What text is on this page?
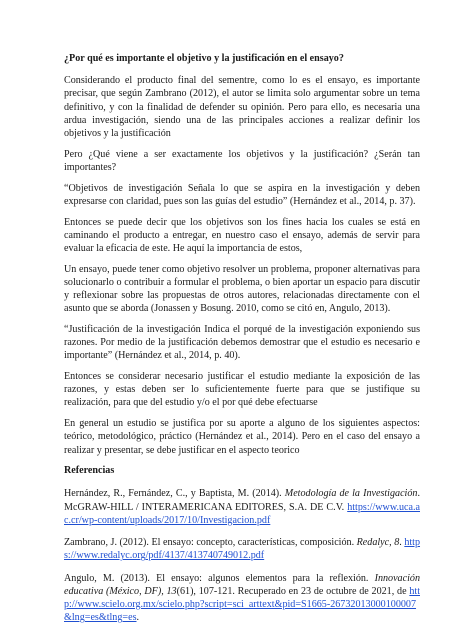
¿Por qué es importante el objetivo y la justificación en el ensayo?

Considerando el producto final del sementre, como lo es el ensayo, es importante precisar, que según Zambrano (2012), el autor se limita solo argumentar sobre un tema definitivo, y con la finalidad de defender su opinión. Pero para ello, es necesaria una ardua investigación, siendo una de las principales acciones a realizar definir los objetivos y la justificación

Pero ¿Qué viene a ser exactamente los objetivos y la justificación? ¿Serán tan importantes?

“Objetivos de investigación Señala lo que se aspira en la investigación y deben expresarse con claridad, pues son las guías del estudio” (Hernández et al., 2014, p. 37).

Entonces se puede decir que los objetivos son los fines hacia los cuales se está en caminando el producto a entregar, en nuestro caso el ensayo, además de servir para evaluar la eficacia de este. He aquí la importancia de estos,

Un ensayo, puede tener como objetivo resolver un problema, proponer alternativas para solucionarlo o contribuir a formular el problema, o bien aportar un espacio para discutir y reflexionar sobre las propuestas de otros autores, relacionadas directamente con el asunto que se aborda (Jonassen y Bosung. 2010, como se citó en, Angulo, 2013).

“Justificación de la investigación Indica el porqué de la investigación exponiendo sus razones. Por medio de la justificación debemos demostrar que el estudio es necesario e importante” (Hernández et al., 2014, p. 40).

Entonces se considerar necesario justificar el estudio mediante la exposición de las razones, y estas deben ser lo suficientemente fuerte para que se justifique su realización, para que del estudio y/o el por qué debe efectuarse

En general un estudio se justifica por su aporte a alguno de los siguientes aspectos: teórico, metodológico, práctico (Hernández et al., 2014). Pero en el caso del ensayo a realizar y presentar, se debe justificar en el aspecto teorico

Referencias

Hernández, R., Fernández, C., y Baptista, M. (2014). Metodología de la Investigación. McGRAW-HILL / INTERAMERICANA EDITORES, S.A. DE C.V. https://www.uca.ac.cr/wp-content/uploads/2017/10/Investigacion.pdf

Zambrano, J. (2012). El ensayo: concepto, características, composición. Redalyc, 8. https://www.redalyc.org/pdf/4137/413740749012.pdf

Angulo, M. (2013). El ensayo: algunos elementos para la reflexión. Innovación educativa (México, DF), 13(61), 107-121. Recuperado en 23 de octubre de 2021, de http://www.scielo.org.mx/scielo.php?script=sci_arttext&pid=S1665-26732013000100007&lng=es&tlng=es.
